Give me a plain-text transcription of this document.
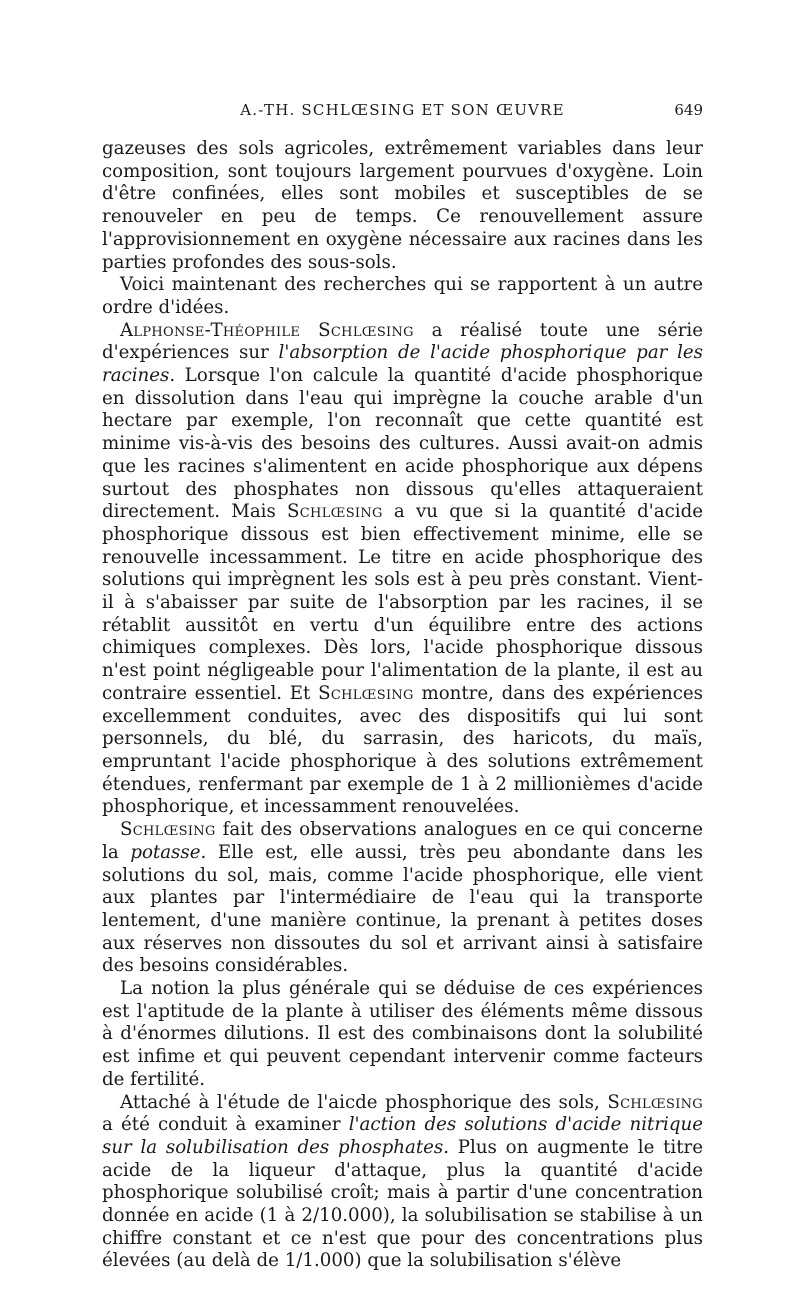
A.-TH. SCHLŒSING ET SON ŒUVRE	649

gazeuses des sols agricoles, extrêmement variables dans leur composition, sont toujours largement pourvues d'oxygène. Loin d'être confinées, elles sont mobiles et susceptibles de se renouveler en peu de temps. Ce renouvellement assure l'approvisionnement en oxygène nécessaire aux racines dans les parties profondes des sous-sols.

Voici maintenant des recherches qui se rapportent à un autre ordre d'idées.

Alphonse-Théophile Schlœsing a réalisé toute une série d'expériences sur l'absorption de l'acide phosphorique par les racines. Lorsque l'on calcule la quantité d'acide phosphorique en dissolution dans l'eau qui imprègne la couche arable d'un hectare par exemple, l'on reconnaît que cette quantité est minime vis-à-vis des besoins des cultures. Aussi avait-on admis que les racines s'alimentent en acide phosphorique aux dépens surtout des phosphates non dissous qu'elles attaqueraient directement. Mais Schlœsing a vu que si la quantité d'acide phosphorique dissous est bien effectivement minime, elle se renouvelle incessamment. Le titre en acide phosphorique des solutions qui imprègnent les sols est à peu près constant. Vient-il à s'abaisser par suite de l'absorption par les racines, il se rétablit aussitôt en vertu d'un équilibre entre des actions chimiques complexes. Dès lors, l'acide phosphorique dissous n'est point négligeable pour l'alimentation de la plante, il est au contraire essentiel. Et Schlœsing montre, dans des expériences excellemment conduites, avec des dispositifs qui lui sont personnels, du blé, du sarrasin, des haricots, du maïs, empruntant l'acide phosphorique à des solutions extrêmement étendues, renfermant par exemple de 1 à 2 millionièmes d'acide phosphorique, et incessamment renouvelées.

Schlœsing fait des observations analogues en ce qui concerne la potasse. Elle est, elle aussi, très peu abondante dans les solutions du sol, mais, comme l'acide phosphorique, elle vient aux plantes par l'intermédiaire de l'eau qui la transporte lentement, d'une manière continue, la prenant à petites doses aux réserves non dissoutes du sol et arrivant ainsi à satisfaire des besoins considérables.

La notion la plus générale qui se déduise de ces expériences est l'aptitude de la plante à utiliser des éléments même dissous à d'énormes dilutions. Il est des combinaisons dont la solubilité est infime et qui peuvent cependant intervenir comme facteurs de fertilité.

Attaché à l'étude de l'aicde phosphorique des sols, Schlœsing a été conduit à examiner l'action des solutions d'acide nitrique sur la solubilisation des phosphates. Plus on augmente le titre acide de la liqueur d'attaque, plus la quantité d'acide phosphorique solubilisé croît; mais à partir d'une concentration donnée en acide (1 à 2/10.000), la solubilisation se stabilise à un chiffre constant et ce n'est que pour des concentrations plus élevées (au delà de 1/1.000) que la solubilisation s'élève
